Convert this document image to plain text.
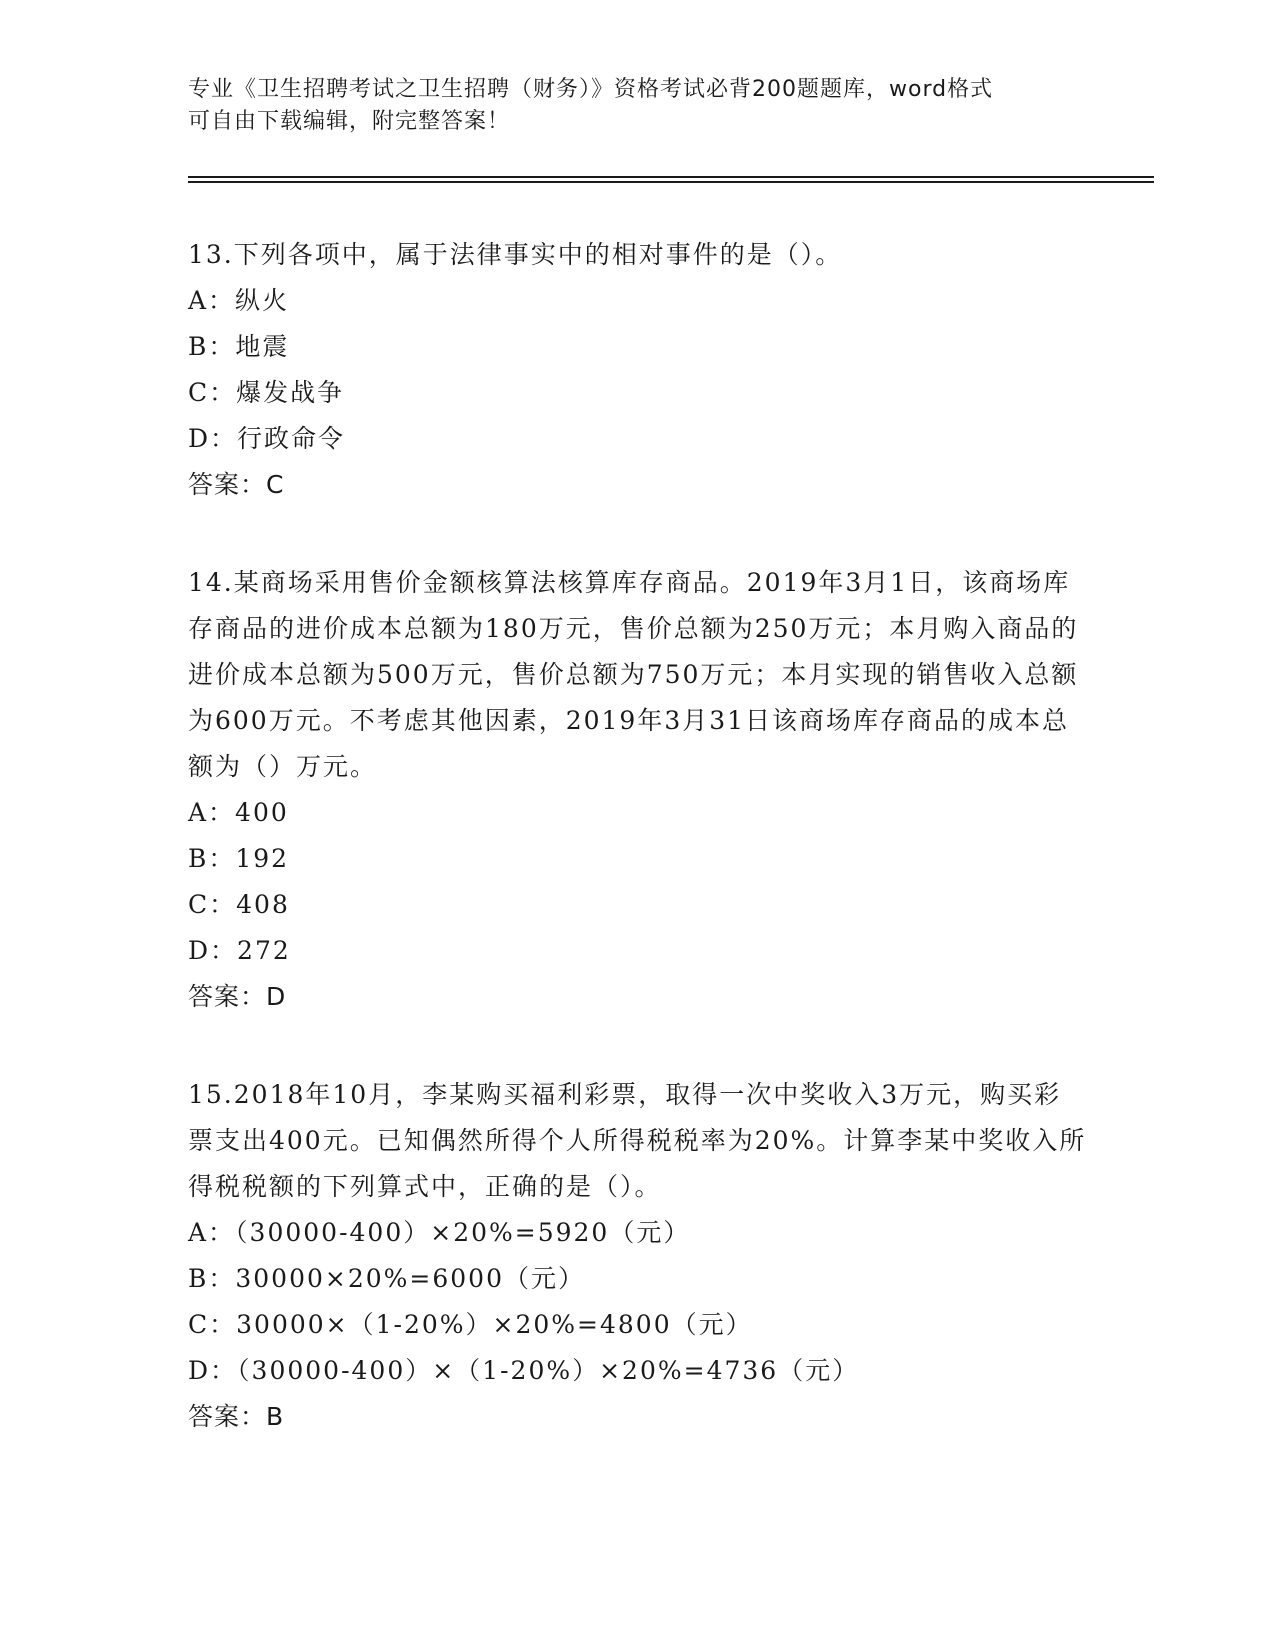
专业《卫生招聘考试之卫生招聘（财务）》资格考试必背200题题库，word格式
可自由下载编辑，附完整答案！
13.下列各项中，属于法律事实中的相对事件的是（）。
A：纵火
B：地震
C：爆发战争
D：行政命令
答案：C
14.某商场采用售价金额核算法核算库存商品。2019年3月1日，该商场库存商品的进价成本总额为180万元，售价总额为250万元；本月购入商品的进价成本总额为500万元，售价总额为750万元；本月实现的销售收入总额为600万元。不考虑其他因素，2019年3月31日该商场库存商品的成本总额为（）万元。
A：400
B：192
C：408
D：272
答案：D
15.2018年10月，李某购买福利彩票，取得一次中奖收入3万元，购买彩票支出400元。已知偶然所得个人所得税税率为20%。计算李某中奖收入所得税税额的下列算式中，正确的是（）。
A：（30000-400）×20%=5920（元）
B：30000×20%=6000（元）
C：30000×（1-20%）×20%=4800（元）
D：（30000-400）×（1-20%）×20%=4736（元）
答案：B
